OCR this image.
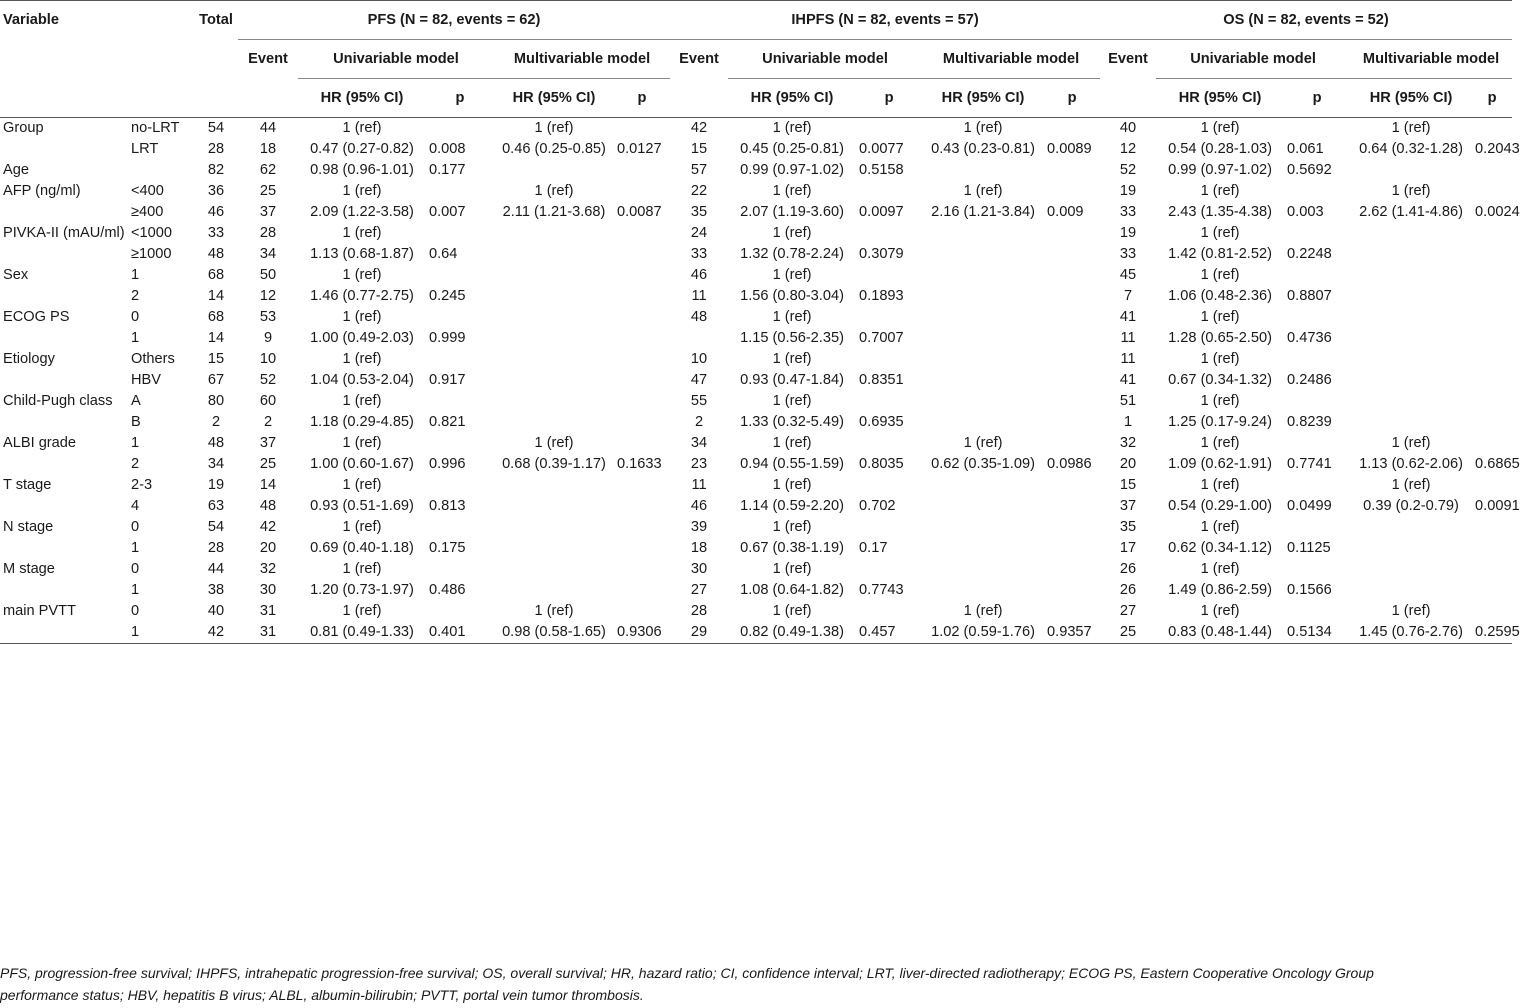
Variable		Total	PFS (N = 82, events = 62)					IHPFS (N = 82, events = 57)					OS (N = 82, events = 52)				
			Event	Univariable model		Multivariable model		Event	Univariable model		Multivariable model		Event	Univariable model		Multivariable model	
				HR (95% CI)	p	HR (95% CI)	p		HR (95% CI)	p	HR (95% CI)	p		HR (95% CI)	p	HR (95% CI)	p
Group	no-LRT	54	44	1 (ref)		1 (ref)		42	1 (ref)		1 (ref)		40	1 (ref)		1 (ref)	
	LRT	28	18	0.47 (0.27-0.82)	0.008	0.46 (0.25-0.85)	0.0127	15	0.45 (0.25-0.81)	0.0077	0.43 (0.23-0.81)	0.0089	12	0.54 (0.28-1.03)	0.061	0.64 (0.32-1.28)	0.2043
Age		82	62	0.98 (0.96-1.01)	0.177			57	0.99 (0.97-1.02)	0.5158			52	0.99 (0.97-1.02)	0.5692		
AFP (ng/ml)	<400	36	25	1 (ref)		1 (ref)		22	1 (ref)		1 (ref)		19	1 (ref)		1 (ref)	
	≥400	46	37	2.09 (1.22-3.58)	0.007	2.11 (1.21-3.68)	0.0087	35	2.07 (1.19-3.60)	0.0097	2.16 (1.21-3.84)	0.009	33	2.43 (1.35-4.38)	0.003	2.62 (1.41-4.86)	0.0024
PIVKA-II (mAU/ml)	<1000	33	28	1 (ref)				24	1 (ref)				19	1 (ref)			
	≥1000	48	34	1.13 (0.68-1.87)	0.64			33	1.32 (0.78-2.24)	0.3079			33	1.42 (0.81-2.52)	0.2248		
Sex	1	68	50	1 (ref)				46	1 (ref)				45	1 (ref)			
	2	14	12	1.46 (0.77-2.75)	0.245			11	1.56 (0.80-3.04)	0.1893			7	1.06 (0.48-2.36)	0.8807		
ECOG PS	0	68	53	1 (ref)				48	1 (ref)				41	1 (ref)			
	1	14	9	1.00 (0.49-2.03)	0.999				1.15 (0.56-2.35)	0.7007			11	1.28 (0.65-2.50)	0.4736		
Etiology	Others	15	10	1 (ref)				10	1 (ref)				11	1 (ref)			
	HBV	67	52	1.04 (0.53-2.04)	0.917			47	0.93 (0.47-1.84)	0.8351			41	0.67 (0.34-1.32)	0.2486		
Child-Pugh class	A	80	60	1 (ref)				55	1 (ref)				51	1 (ref)			
	B	2	2	1.18 (0.29-4.85)	0.821			2	1.33 (0.32-5.49)	0.6935			1	1.25 (0.17-9.24)	0.8239		
ALBI grade	1	48	37	1 (ref)		1 (ref)		34	1 (ref)		1 (ref)		32	1 (ref)		1 (ref)	
	2	34	25	1.00 (0.60-1.67)	0.996	0.68 (0.39-1.17)	0.1633	23	0.94 (0.55-1.59)	0.8035	0.62 (0.35-1.09)	0.0986	20	1.09 (0.62-1.91)	0.7741	1.13 (0.62-2.06)	0.6865
T stage	2-3	19	14	1 (ref)				11	1 (ref)				15	1 (ref)		1 (ref)	
	4	63	48	0.93 (0.51-1.69)	0.813			46	1.14 (0.59-2.20)	0.702			37	0.54 (0.29-1.00)	0.0499	0.39 (0.2-0.79)	0.0091
N stage	0	54	42	1 (ref)				39	1 (ref)				35	1 (ref)			
	1	28	20	0.69 (0.40-1.18)	0.175			18	0.67 (0.38-1.19)	0.17			17	0.62 (0.34-1.12)	0.1125		
M stage	0	44	32	1 (ref)				30	1 (ref)				26	1 (ref)			
	1	38	30	1.20 (0.73-1.97)	0.486			27	1.08 (0.64-1.82)	0.7743			26	1.49 (0.86-2.59)	0.1566		
main PVTT	0	40	31	1 (ref)		1 (ref)		28	1 (ref)		1 (ref)		27	1 (ref)		1 (ref)	
	1	42	31	0.81 (0.49-1.33)	0.401	0.98 (0.58-1.65)	0.9306	29	0.82 (0.49-1.38)	0.457	1.02 (0.59-1.76)	0.9357	25	0.83 (0.48-1.44)	0.5134	1.45 (0.76-2.76)	0.2595
PFS, progression-free survival; IHPFS, intrahepatic progression-free survival; OS, overall survival; HR, hazard ratio; CI, confidence interval; LRT, liver-directed radiotherapy; ECOG PS, Eastern Cooperative Oncology Group performance status; HBV, hepatitis B virus; ALBL, albumin-bilirubin; PVTT, portal vein tumor thrombosis.
